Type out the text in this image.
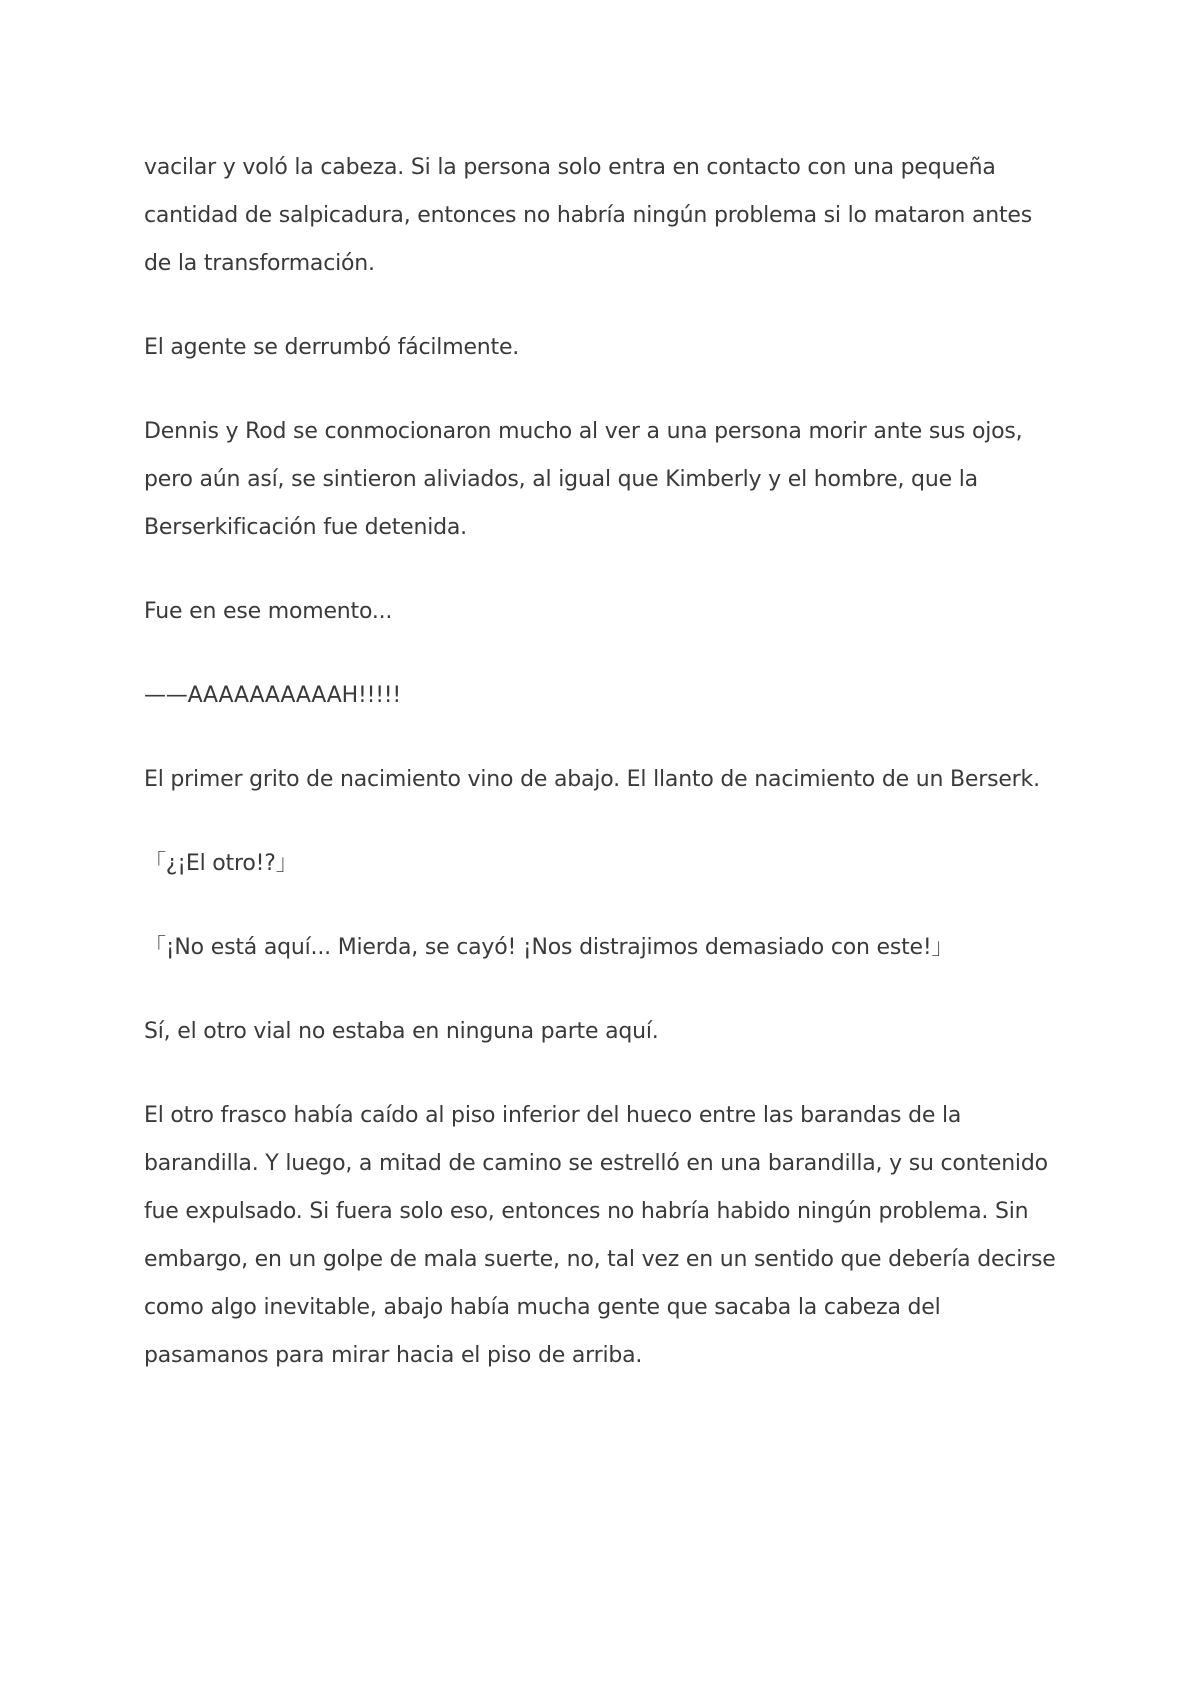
vacilar y voló la cabeza. Si la persona solo entra en contacto con una pequeña cantidad de salpicadura, entonces no habría ningún problema si lo mataron antes de la transformación.

El agente se derrumbó fácilmente.

Dennis y Rod se conmocionaron mucho al ver a una persona morir ante sus ojos, pero aún así, se sintieron aliviados, al igual que Kimberly y el hombre, que la Berserkificación fue detenida.

Fue en ese momento...

——AAAAAAAAAAH!!!!!

El primer grito de nacimiento vino de abajo. El llanto de nacimiento de un Berserk.

「¿¡El otro!?」

「¡No está aquí... Mierda, se cayó! ¡Nos distrajimos demasiado con este!」

Sí, el otro vial no estaba en ninguna parte aquí.

El otro frasco había caído al piso inferior del hueco entre las barandas de la barandilla. Y luego, a mitad de camino se estrelló en una barandilla, y su contenido fue expulsado. Si fuera solo eso, entonces no habría habido ningún problema. Sin embargo, en un golpe de mala suerte, no, tal vez en un sentido que debería decirse como algo inevitable, abajo había mucha gente que sacaba la cabeza del pasamanos para mirar hacia el piso de arriba.
